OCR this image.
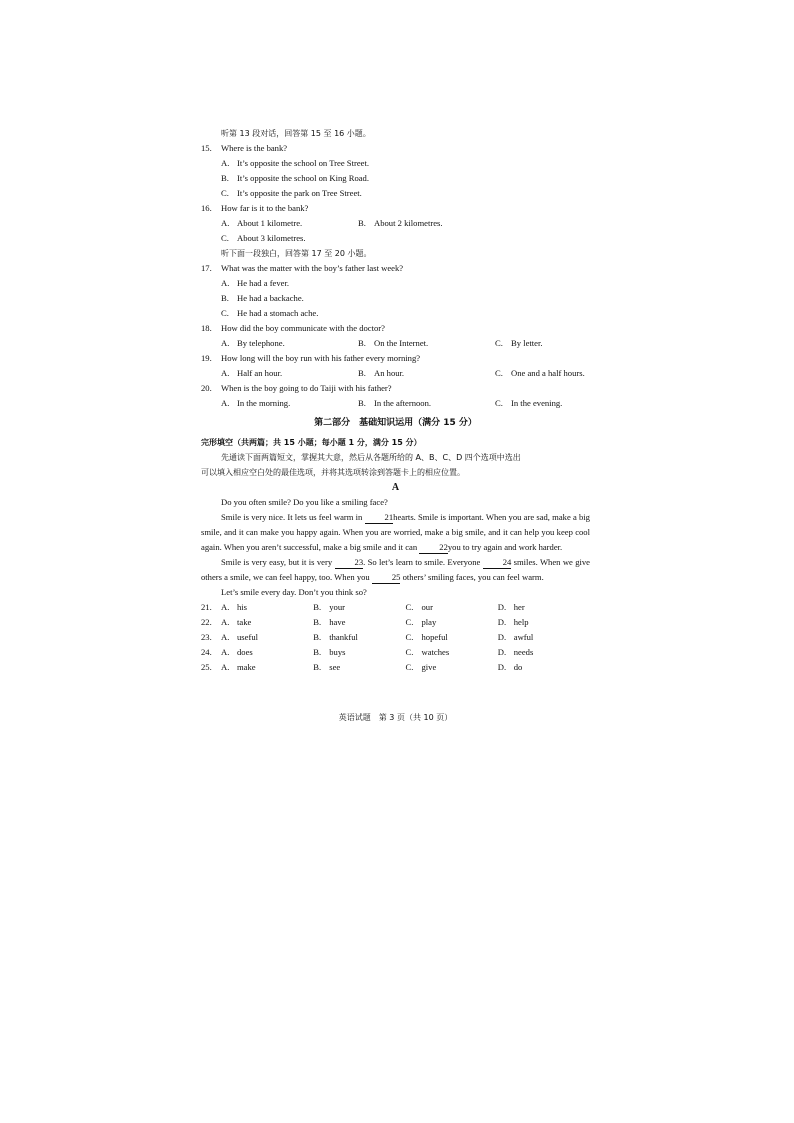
听第 13 段对话，回答第 15 至 16 小题。
15.	Where is the bank?
A. It’s opposite the school on Tree Street.
B. It’s opposite the school on King Road.
C. It’s opposite the park on Tree Street.
16.	How far is it to the bank?
A. About 1 kilometre.	B. About 2 kilometres.
C. About 3 kilometres.
听下面一段独白，回答第 17 至 20 小题。
17.	What was the matter with the boy’s father last week?
A. He had a fever.
B. He had a backache.
C. He had a stomach ache.
18.	How did the boy communicate with the doctor?
A. By telephone.	B. On the Internet.	C. By letter.
19.	How long will the boy run with his father every morning?
A. Half an hour.	B. An hour.	C. One and a half hours.
20.	When is the boy going to do Taiji with his father?
A. In the morning.	B. In the afternoon.	C. In the evening.
第二部分　基础知识运用（满分 15 分）
完形填空（共两篇；共 15 小题；每小题 1 分，满分 15 分）
先通读下面两篇短文，掌握其大意，然后从各题所给的 A、B、C、D 四个选项中选出
可以填入相应空白处的最佳选项，并将其选项转涂到答题卡上的相应位置。
A
Do you often smile? Do you like a smiling face?
Smile is very nice. It lets us feel warm in 21hearts. Smile is important. When you are sad, make a big smile, and it can make you happy again. When you are worried, make a big smile, and it can help you keep cool again. When you aren’t successful, make a big smile and it can 22you to try again and work harder.
Smile is very easy, but it is very 23. So let’s learn to smile. Everyone 24 smiles. When we give others a smile, we can feel happy, too. When you 25 others’ smiling faces, you can feel warm.
Let’s smile every day. Don’t you think so?
21.	A. his	B. your	C. our	D. her
22.	A. take	B. have	C. play	D. help
23.	A. useful	B. thankful	C. hopeful	D. awful
24.	A. does	B. buys	C. watches	D. needs
25.	A. make	B. see	C. give	D. do
英语试题　第 3 页（共 10 页）
